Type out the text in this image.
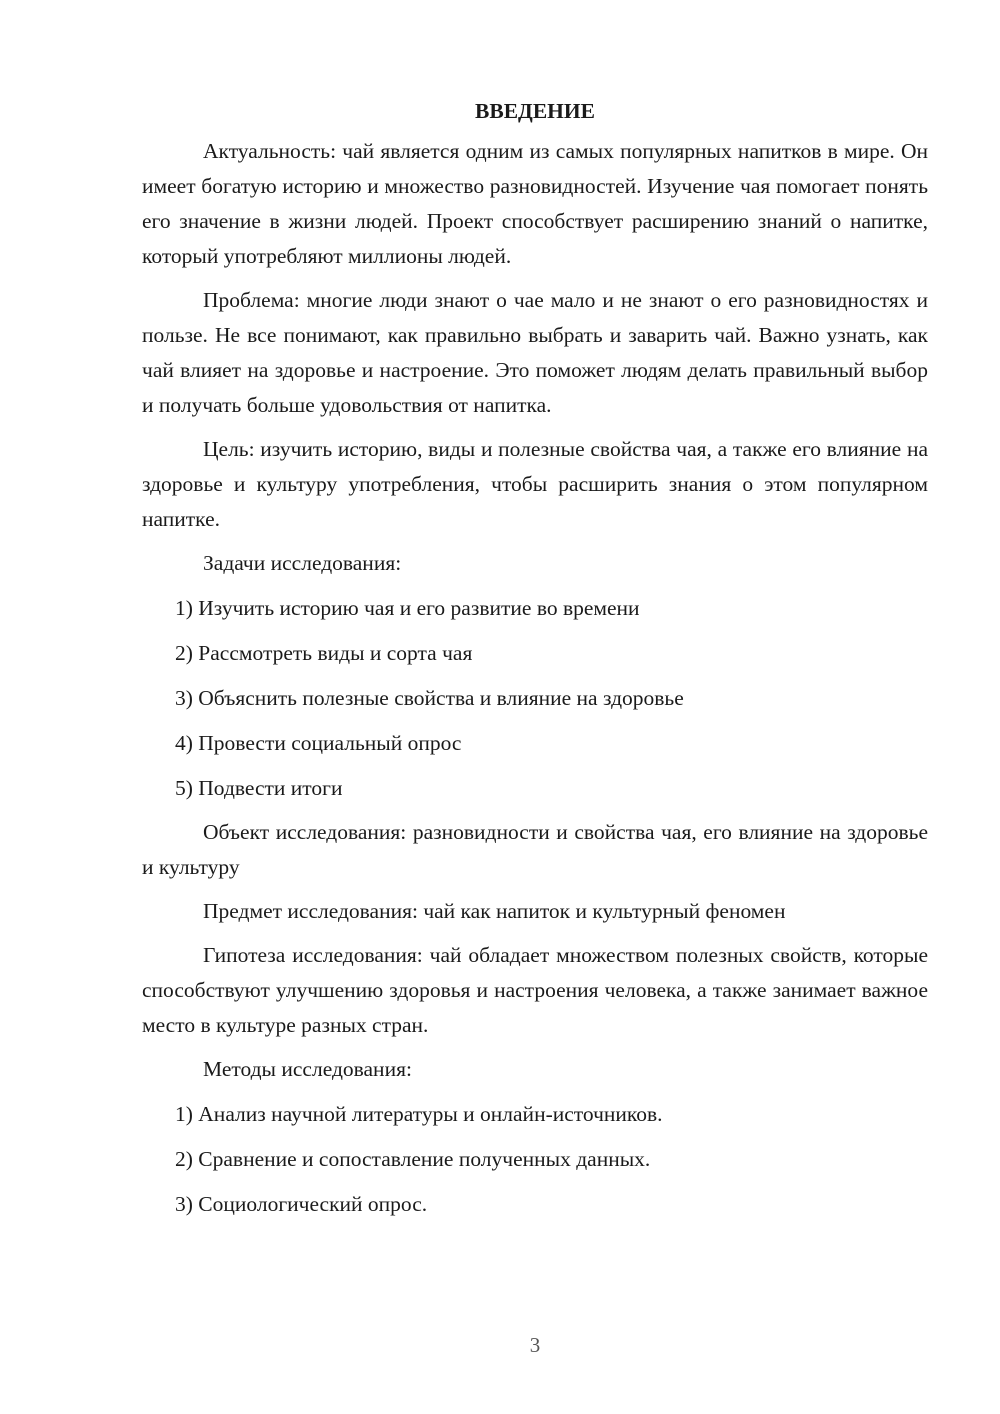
ВВЕДЕНИЕ

Актуальность: чай является одним из самых популярных напитков в мире. Он имеет богатую историю и множество разновидностей. Изучение чая помогает понять его значение в жизни людей. Проект способствует расширению знаний о напитке, который употребляют миллионы людей.

Проблема: многие люди знают о чае мало и не знают о его разновидностях и пользе. Не все понимают, как правильно выбрать и заварить чай. Важно узнать, как чай влияет на здоровье и настроение. Это поможет людям делать правильный выбор и получать больше удовольствия от напитка.

Цель: изучить историю, виды и полезные свойства чая, а также его влияние на здоровье и культуру употребления, чтобы расширить знания о этом популярном напитке.

Задачи исследования:

1) Изучить историю чая и его развитие во времени
2) Рассмотреть виды и сорта чая
3) Объяснить полезные свойства и влияние на здоровье
4) Провести социальный опрос
5) Подвести итоги

Объект исследования: разновидности и свойства чая, его влияние на здоровье и культуру

Предмет исследования: чай как напиток и культурный феномен

Гипотеза исследования: чай обладает множеством полезных свойств, которые способствуют улучшению здоровья и настроения человека, а также занимает важное место в культуре разных стран.

Методы исследования:

1) Анализ научной литературы и онлайн-источников.
2) Сравнение и сопоставление полученных данных.
3) Социологический опрос.
3
